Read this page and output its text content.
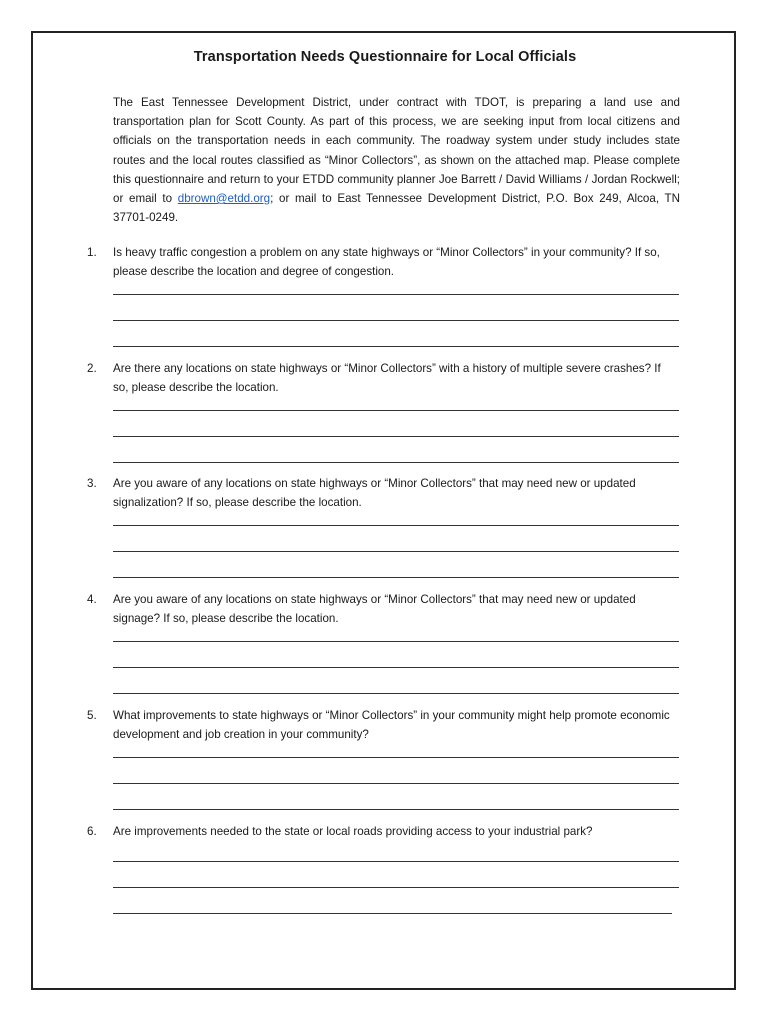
Transportation Needs Questionnaire for Local Officials
The East Tennessee Development District, under contract with TDOT, is preparing a land use and transportation plan for Scott County. As part of this process, we are seeking input from local citizens and officials on the transportation needs in each community. The roadway system under study includes state routes and the local routes classified as “Minor Collectors”, as shown on the attached map. Please complete this questionnaire and return to your ETDD community planner Joe Barrett / David Williams / Jordan Rockwell; or email to dbrown@etdd.org; or mail to East Tennessee Development District, P.O. Box 249, Alcoa, TN 37701-0249.
1. Is heavy traffic congestion a problem on any state highways or “Minor Collectors” in your community? If so, please describe the location and degree of congestion.
2. Are there any locations on state highways or “Minor Collectors” with a history of multiple severe crashes? If so, please describe the location.
3. Are you aware of any locations on state highways or “Minor Collectors” that may need new or updated signalization? If so, please describe the location.
4. Are you aware of any locations on state highways or “Minor Collectors” that may need new or updated signage? If so, please describe the location.
5. What improvements to state highways or “Minor Collectors” in your community might help promote economic development and job creation in your community?
6. Are improvements needed to the state or local roads providing access to your industrial park?
